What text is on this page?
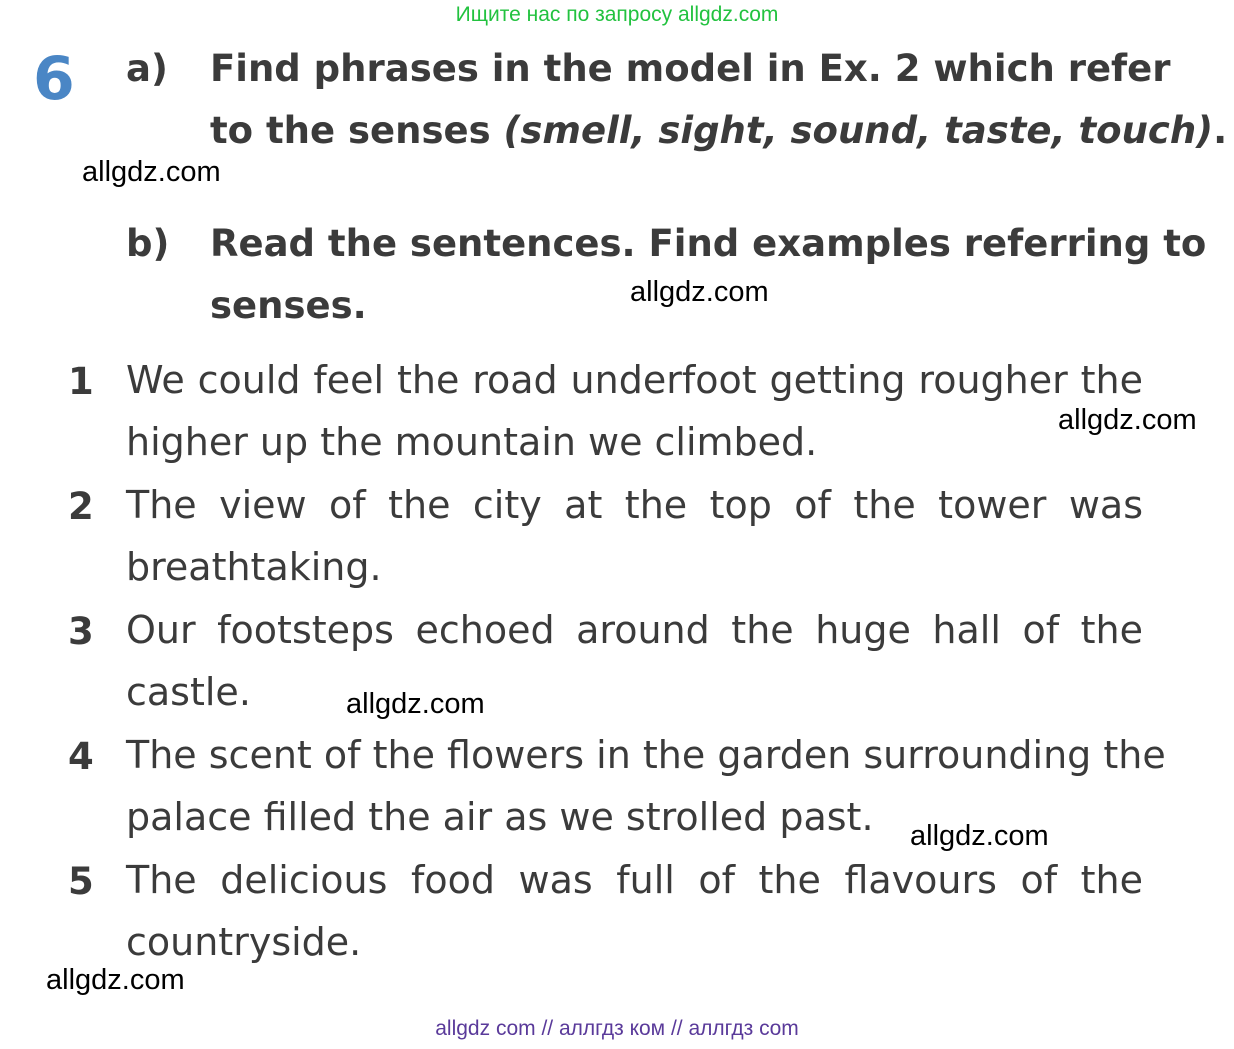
Ищите нас по запросу allgdz.com
6 a) Find phrases in the model in Ex. 2 which refer
to the senses (smell, sight, sound, taste, touch).
b) Read the sentences. Find examples referring to
senses.
1 We could feel the road underfoot getting rougher the
higher up the mountain we climbed.
2 The view of the city at the top of the tower was
breathtaking.
3 Our footsteps echoed around the huge hall of the
castle.
4 The scent of the flowers in the garden surrounding the
palace filled the air as we strolled past.
5 The delicious food was full of the flavours of the
countryside.
allgdz.com
allgdz.com
allgdz.com
allgdz.com
allgdz.com
allgdz.com
allgdz com // аллгдз ком // аллгдз com
